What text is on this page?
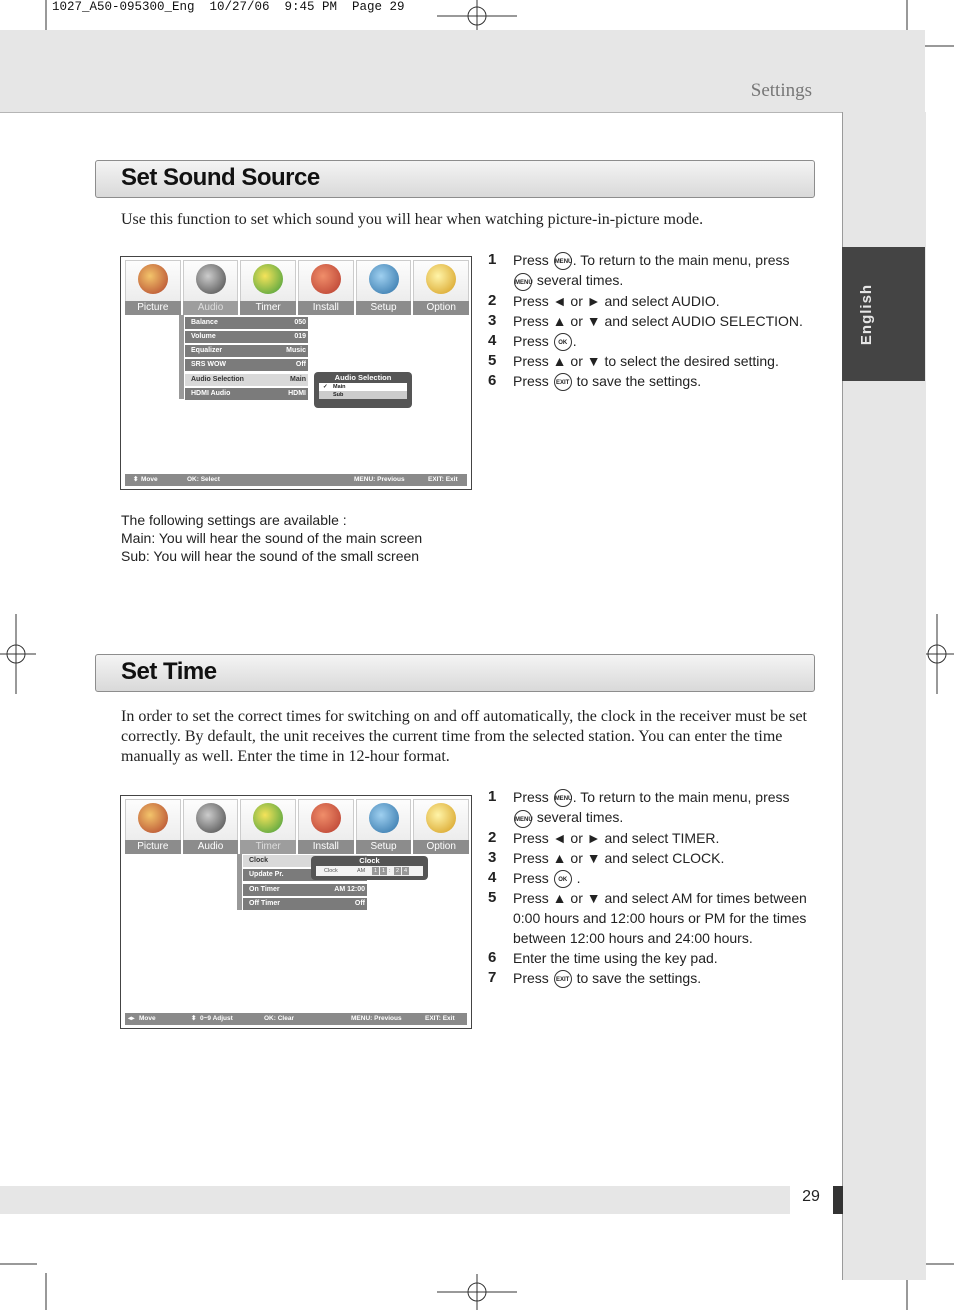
1027_A50-095300_Eng  10/27/06  9:45 PM  Page 29
Settings
English
29
Set Sound Source
Use this function to set which sound you will hear when watching picture-in-picture mode.
Picture	Audio	Timer	Install	Setup	Option
Balance	050
Volume	019
Equalizer	Music
SRS WOW	Off
Audio Selection	Main
HDMI Audio	HDMI
Audio Selection
✓ Main
Sub
⬍ Move	OK: Select	MENU: Previous	EXIT: Exit
1 Press MENU. To return to the main menu, press
MENU several times.
2 Press ◄ or ► and select AUDIO.
3 Press ▲ or ▼ and select AUDIO SELECTION.
4 Press OK .
5 Press ▲ or ▼ to select the desired setting.
6 Press EXIT to save the settings.
The following settings are available :
Main: You will hear the sound of the main screen
Sub: You will hear the sound of the small screen
Set Time
In order to set the correct times for switching on and off automatically, the clock in the receiver must be set correctly. By default, the unit receives the current time from the selected station. You can enter the time manually as well. Enter the time in 12-hour format.
Picture	Audio	Timer	Install	Setup	Option
Clock
Update Pr.
On Timer	AM 12:00
Off Timer	Off
Clock
Clock	AM	1 1 : 2 4
◂▸ Move	⬍ 0~9 Adjust	OK: Clear	MENU: Previous	EXIT: Exit
1 Press MENU. To return to the main menu, press
MENU several times.
2 Press ◄ or ► and select TIMER.
3 Press ▲ or ▼ and select CLOCK.
4 Press OK .
5 Press ▲ or ▼ and select AM for times between 0:00 hours and 12:00 hours or PM for the times between 12:00 hours and 24:00 hours.
6 Enter the time using the key pad.
7 Press EXIT to save the settings.
